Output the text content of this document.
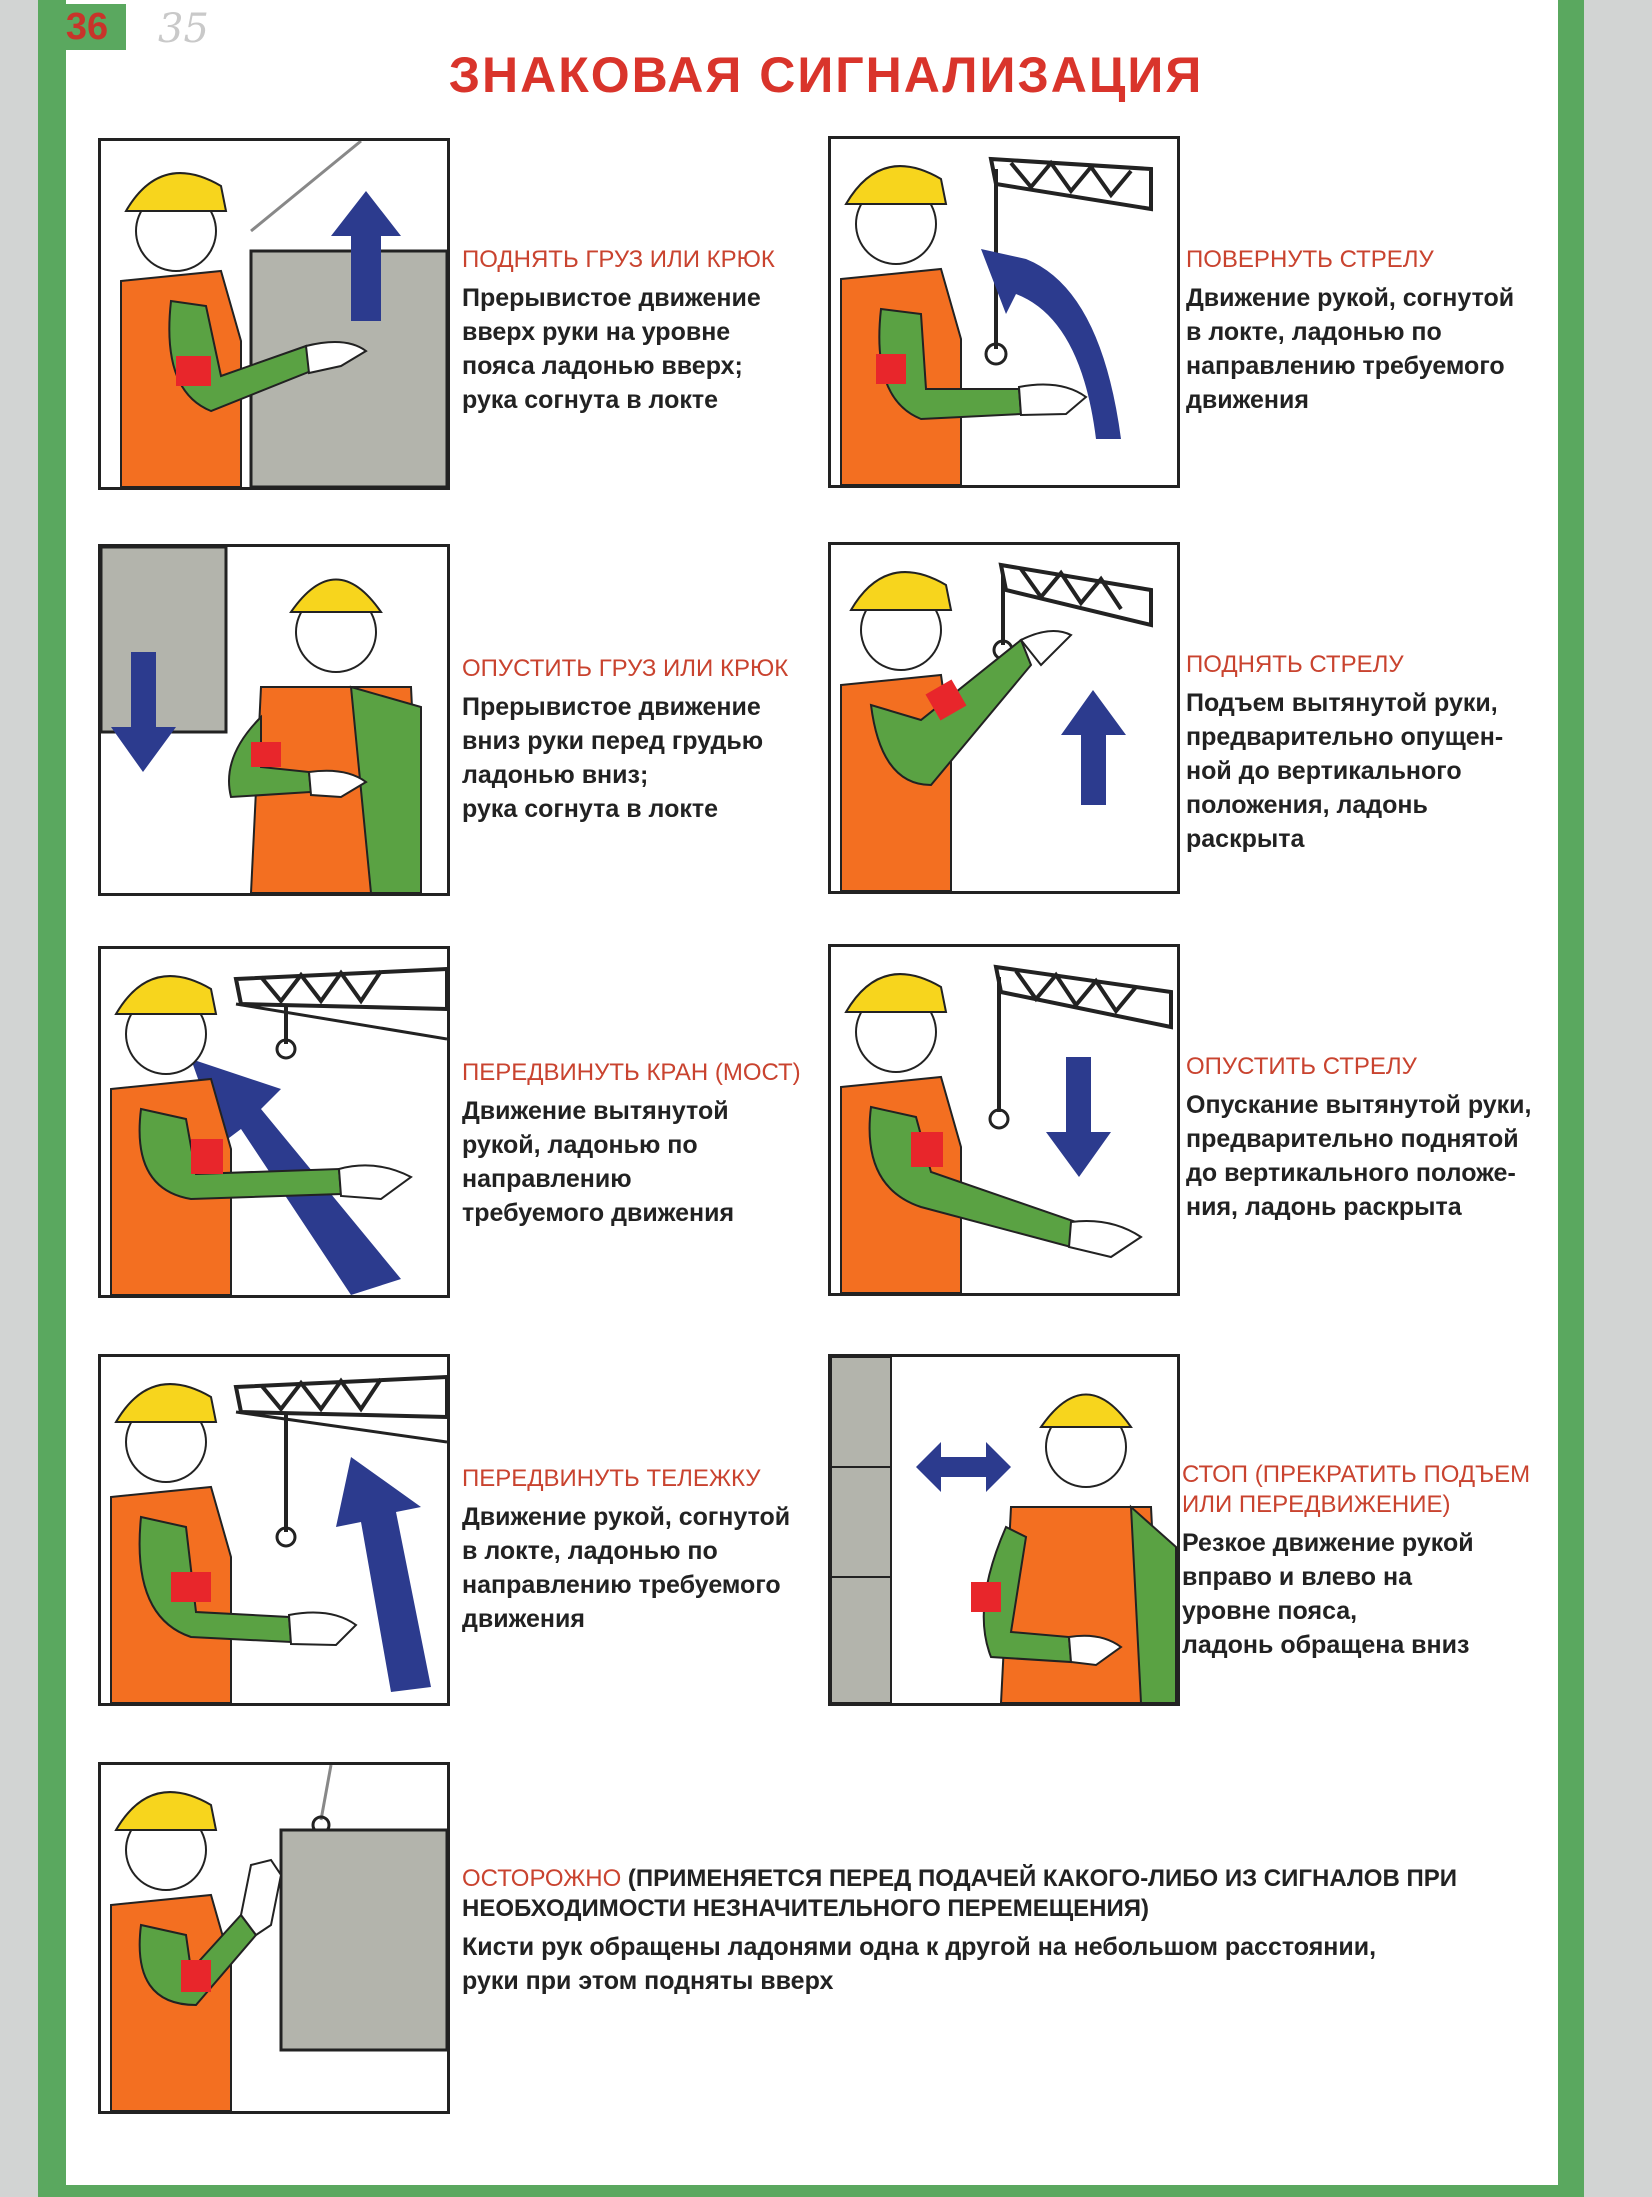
36	35
ЗНАКОВАЯ СИГНАЛИЗАЦИЯ
ПОДНЯТЬ ГРУЗ ИЛИ КРЮК
Прерывистое движение
вверх руки на уровне
пояса ладонью вверх;
рука согнута в локте
ПОВЕРНУТЬ СТРЕЛУ
Движение рукой, согнутой
в локте, ладонью по
направлению требуемого
движения
ОПУСТИТЬ ГРУЗ ИЛИ КРЮК
Прерывистое движение
вниз руки перед грудью
ладонью вниз;
рука согнута в локте
ПОДНЯТЬ СТРЕЛУ
Подъем вытянутой руки,
предварительно опущен-
ной до вертикального
положения, ладонь
раскрыта
ПЕРЕДВИНУТЬ КРАН (МОСТ)
Движение вытянутой
рукой, ладонью по
направлению
требуемого движения
ОПУСТИТЬ СТРЕЛУ
Опускание вытянутой руки,
предварительно поднятой
до вертикального положе-
ния, ладонь раскрыта
ПЕРЕДВИНУТЬ ТЕЛЕЖКУ
Движение рукой, согнутой
в локте, ладонью по
направлению требуемого
движения
СТОП (ПРЕКРАТИТЬ ПОДЪЕМ
ИЛИ ПЕРЕДВИЖЕНИЕ)
Резкое движение рукой
вправо и влево на
уровне пояса,
ладонь обращена вниз
ОСТОРОЖНО (ПРИМЕНЯЕТСЯ ПЕРЕД ПОДАЧЕЙ КАКОГО-ЛИБО ИЗ СИГНАЛОВ ПРИ НЕОБХОДИМОСТИ НЕЗНАЧИТЕЛЬНОГО ПЕРЕМЕЩЕНИЯ)
Кисти рук обращены ладонями одна к другой на небольшом расстоянии,
руки при этом подняты вверх
